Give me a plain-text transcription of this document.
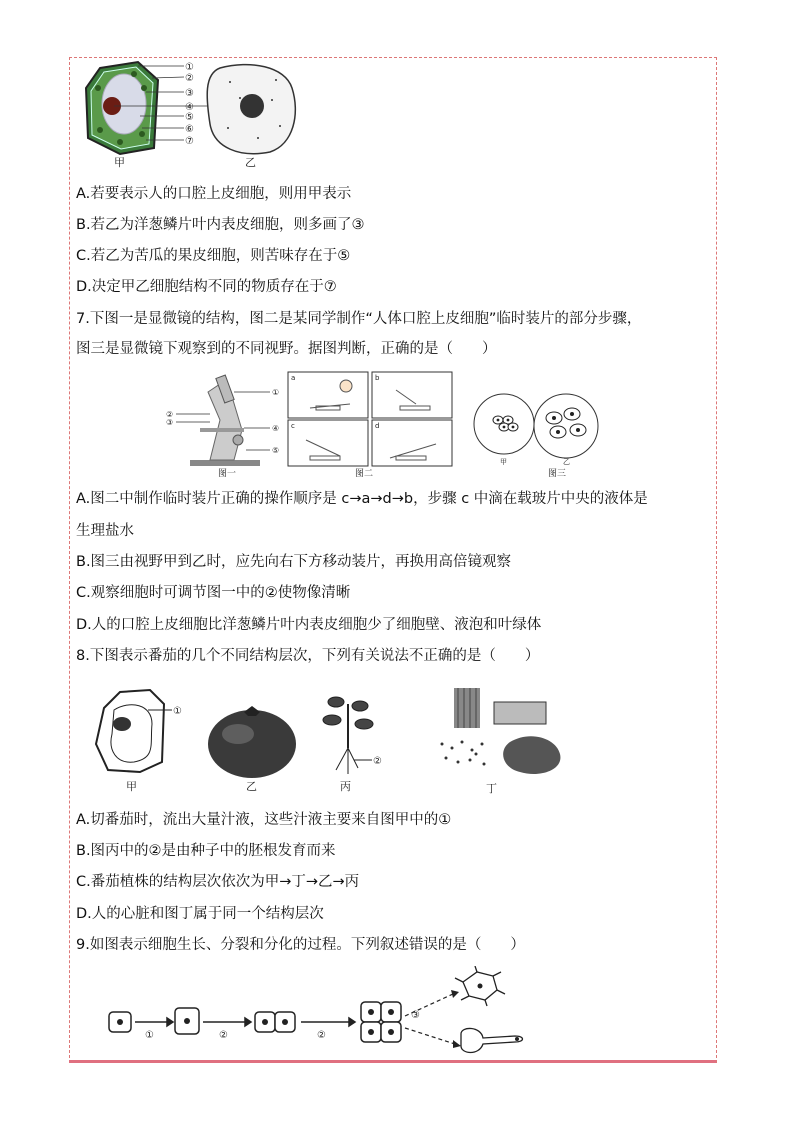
①
②
③
④
⑤
⑥
⑦
甲	乙
A.若要表示人的口腔上皮细胞，则用甲表示
B.若乙为洋葱鳞片叶内表皮细胞，则多画了③
C.若乙为苦瓜的果皮细胞，则苦味存在于⑤
D.决定甲乙细胞结构不同的物质存在于⑦
7.下图一是显微镜的结构，图二是某同学制作“人体口腔上皮细胞”临时装片的部分步骤，
图三是显微镜下观察到的不同视野。据图判断，正确的是（　　）
①
②
③
④
⑤
图一
a	b
c	d
图二
甲	乙
图三
A.图二中制作临时装片正确的操作顺序是 c→a→d→b，步骤 c 中滴在载玻片中央的液体是
生理盐水
B.图三由视野甲到乙时，应先向右下方移动装片，再换用高倍镜观察
C.观察细胞时可调节图一中的②使物像清晰
D.人的口腔上皮细胞比洋葱鳞片叶内表皮细胞少了细胞壁、液泡和叶绿体
8.下图表示番茄的几个不同结构层次，下列有关说法不正确的是（　　）
①
甲	乙
②
丙	丁
A.切番茄时，流出大量汁液，这些汁液主要来自图甲中的①
B.图丙中的②是由种子中的胚根发育而来
C.番茄植株的结构层次依次为甲→丁→乙→丙
D.人的心脏和图丁属于同一个结构层次
9.如图表示细胞生长、分裂和分化的过程。下列叙述错误的是（　　）
①	②	②
③
